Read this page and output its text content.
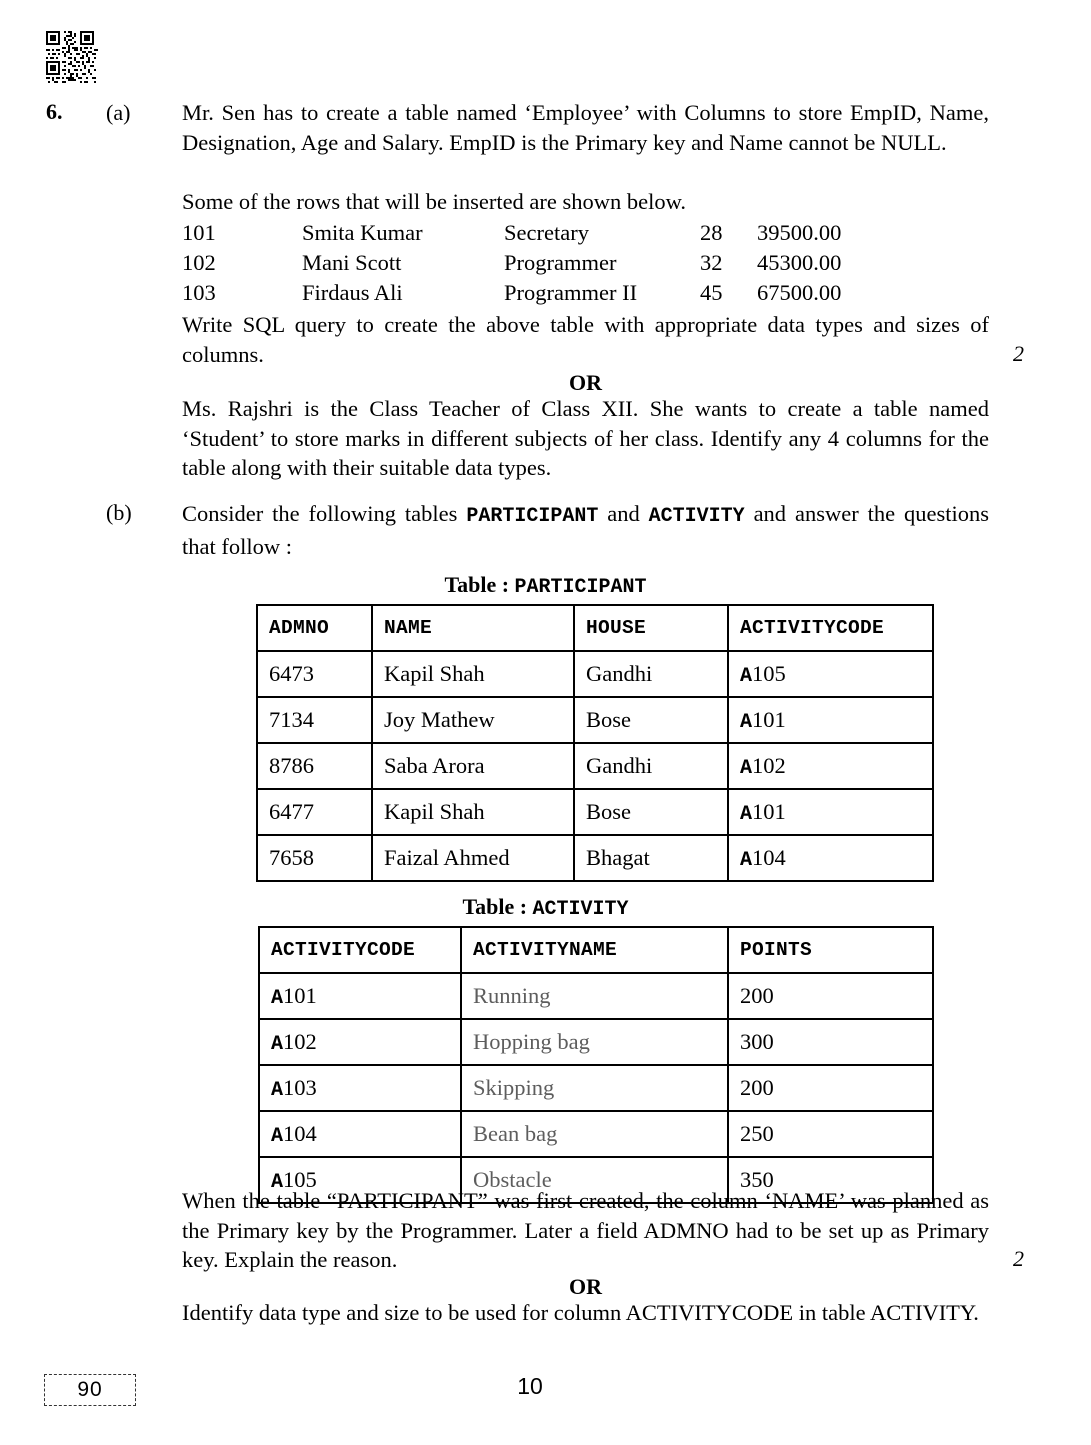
6. (a) Mr. Sen has to create a table named ‘Employee’ with Columns to store EmpID, Name, Designation, Age and Salary. EmpID is the Primary key and Name cannot be NULL.

Some of the rows that will be inserted are shown below.

101	Smita Kumar	Secretary	28 39500.00
102	Mani Scott	Programmer	32 45300.00
103	Firdaus Ali	Programmer II	45 67500.00

Write SQL query to create the above table with appropriate data types and sizes of columns.	2

OR

Ms. Rajshri is the Class Teacher of Class XII. She wants to create a table named ‘Student’ to store marks in different subjects of her class. Identify any 4 columns for the table along with their suitable data types.

(b) Consider the following tables PARTICIPANT and ACTIVITY and answer the questions that follow :

Table : PARTICIPANT
ADMNO	NAME	HOUSE	ACTIVITYCODE
6473	Kapil Shah	Gandhi	A105
7134	Joy Mathew	Bose	A101
8786	Saba Arora	Gandhi	A102
6477	Kapil Shah	Bose	A101
7658	Faizal Ahmed	Bhagat	A104
Table : ACTIVITY
ACTIVITYCODE	ACTIVITYNAME	POINTS
A101	Running	200
A102	Hopping bag	300
A103	Skipping	200
A104	Bean bag	250
A105	Obstacle	350

When the table “PARTICIPANT” was first created, the column ‘NAME’ was planned as the Primary key by the Programmer. Later a field ADMNO had to be set up as Primary key. Explain the reason.	2

OR

Identify data type and size to be used for column ACTIVITYCODE in table ACTIVITY.

90	10
